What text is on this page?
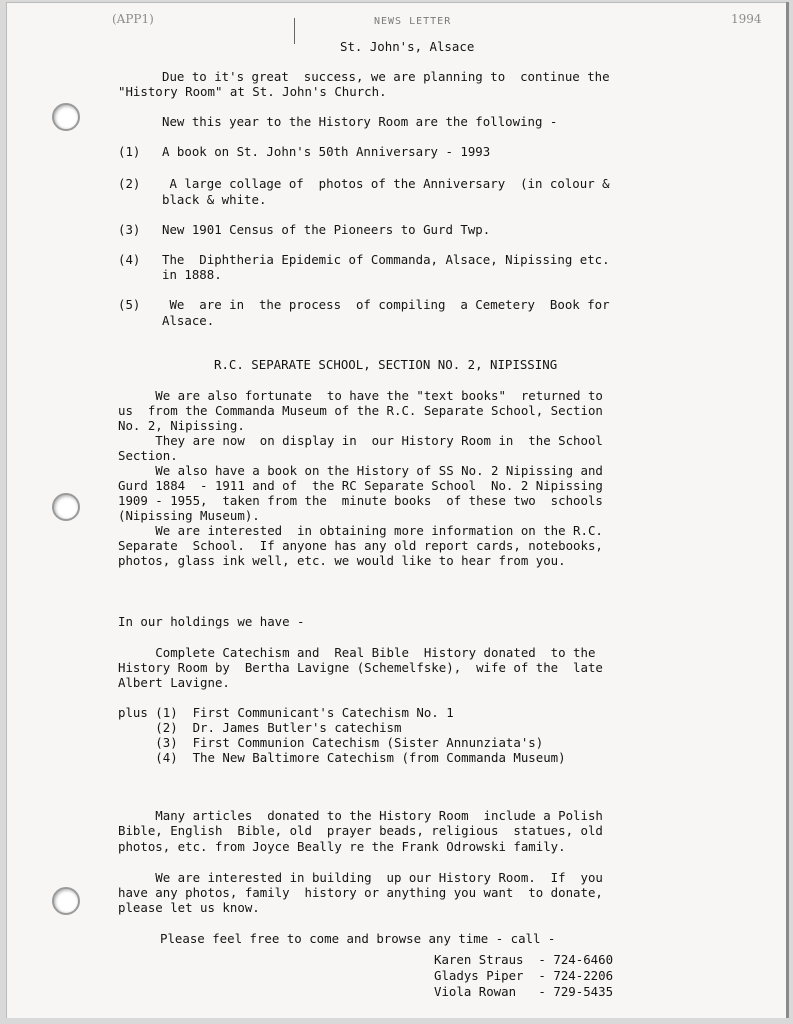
(APP1)	1994
NEWS LETTER
St. John's, Alsace
Due to it's great  success, we are planning to  continue the
"History Room" at St. John's Church.
New this year to the History Room are the following -
(1) A book on St. John's 50th Anniversary - 1993
(2) A large collage of  photos of the Anniversary  (in colour &
black & white.
(3) New 1901 Census of the Pioneers to Gurd Twp.
(4) The  Diphtheria Epidemic of Commanda, Alsace, Nipissing etc.
in 1888.
(5) We  are in  the process  of compiling  a Cemetery  Book for
Alsace.
R.C. SEPARATE SCHOOL, SECTION NO. 2, NIPISSING
We are also fortunate  to have the "text books"  returned to
us  from the Commanda Museum of the R.C. Separate School, Section
No. 2, Nipissing.
They are now  on display in  our History Room in  the School
Section.
We also have a book on the History of SS No. 2 Nipissing and
Gurd 1884  - 1911 and of  the RC Separate School  No. 2 Nipissing
1909 - 1955,  taken from the  minute books  of these two  schools
(Nipissing Museum).
We are interested  in obtaining more information on the R.C.
Separate  School.  If anyone has any old report cards, notebooks,
photos, glass ink well, etc. we would like to hear from you.
In our holdings we have -
Complete Catechism and  Real Bible  History donated  to the
History Room by  Bertha Lavigne (Schemelfske),  wife of the  late
Albert Lavigne.
plus (1)  First Communicant's Catechism No. 1
(2)  Dr. James Butler's catechism
(3)  First Communion Catechism (Sister Annunziata's)
(4)  The New Baltimore Catechism (from Commanda Museum)
Many articles  donated to the History Room  include a Polish
Bible, English  Bible, old  prayer beads, religious  statues, old
photos, etc. from Joyce Beally re the Frank Odrowski family.
We are interested in building  up our History Room.  If  you
have any photos, family  history or anything you want  to donate,
please let us know.
Please feel free to come and browse any time - call -
Karen Straus  - 724-6460
Gladys Piper  - 724-2206
Viola Rowan   - 729-5435
